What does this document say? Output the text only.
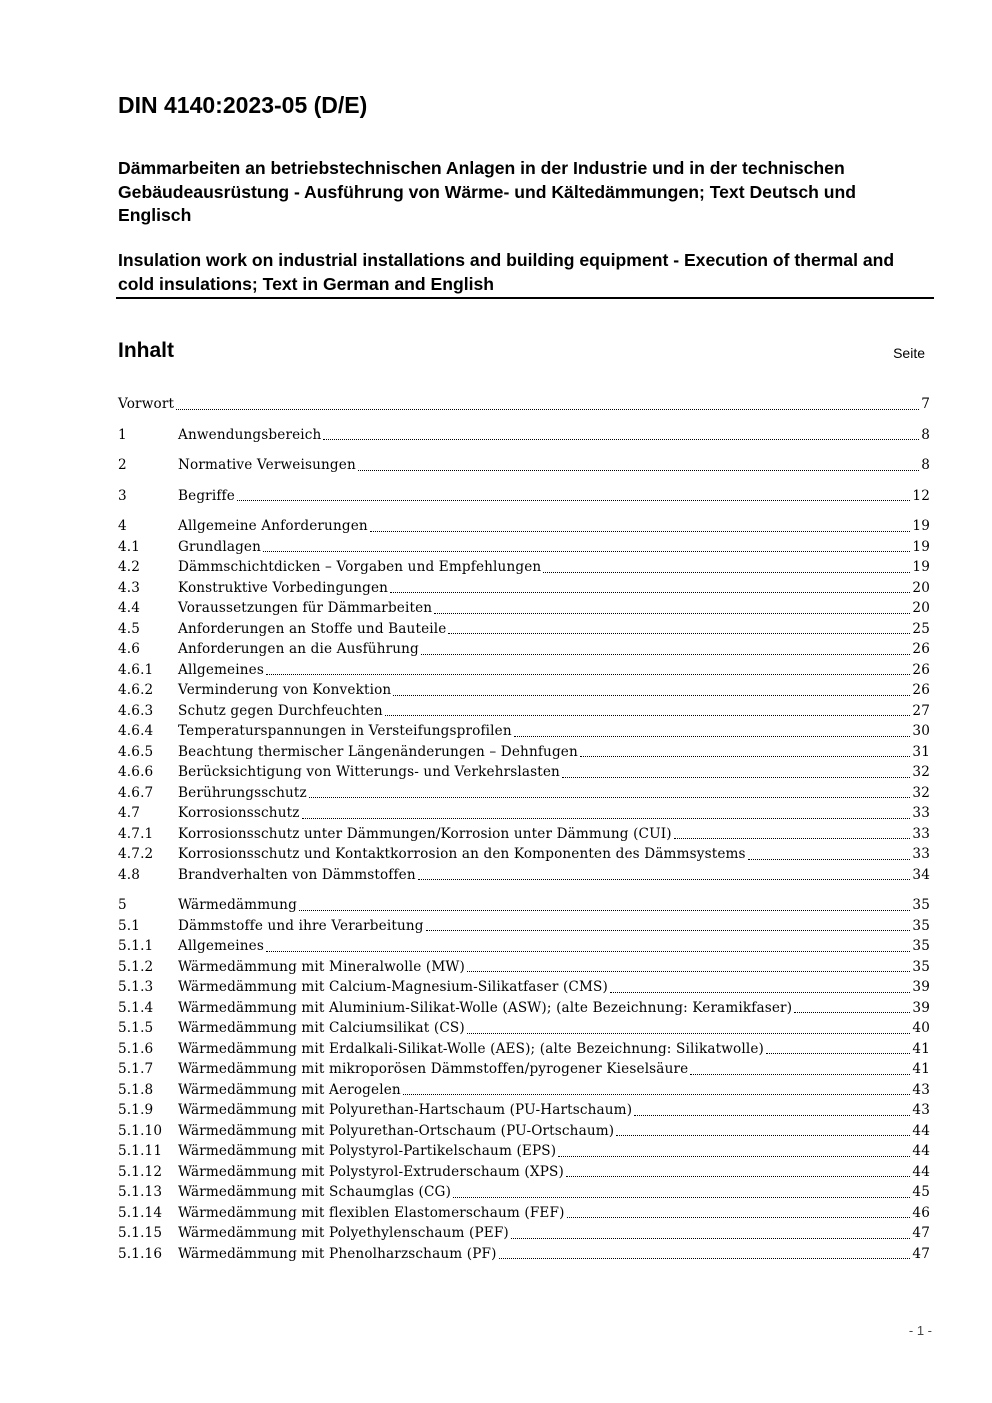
DIN 4140:2023-05 (D/E)

Dämmarbeiten an betriebstechnischen Anlagen in der Industrie und in der technischen Gebäudeausrüstung - Ausführung von Wärme- und Kältedämmungen; Text Deutsch und Englisch

Insulation work on industrial installations and building equipment - Execution of thermal and cold insulations; Text in German and English

Inhalt	Seite
Vorwort	7
1	Anwendungsbereich	8
2	Normative Verweisungen	8
3	Begriffe	12
4	Allgemeine Anforderungen	19
4.1	Grundlagen	19
4.2	Dämmschichtdicken – Vorgaben und Empfehlungen	19
4.3	Konstruktive Vorbedingungen	20
4.4	Voraussetzungen für Dämmarbeiten	20
4.5	Anforderungen an Stoffe und Bauteile	25
4.6	Anforderungen an die Ausführung	26
4.6.1	Allgemeines	26
4.6.2	Verminderung von Konvektion	26
4.6.3	Schutz gegen Durchfeuchten	27
4.6.4	Temperaturspannungen in Versteifungsprofilen	30
4.6.5	Beachtung thermischer Längenänderungen – Dehnfugen	31
4.6.6	Berücksichtigung von Witterungs- und Verkehrslasten	32
4.6.7	Berührungsschutz	32
4.7	Korrosionsschutz	33
4.7.1	Korrosionsschutz unter Dämmungen/Korrosion unter Dämmung (CUI)	33
4.7.2	Korrosionsschutz und Kontaktkorrosion an den Komponenten des Dämmsystems	33
4.8	Brandverhalten von Dämmstoffen	34
5	Wärmedämmung	35
5.1	Dämmstoffe und ihre Verarbeitung	35
5.1.1	Allgemeines	35
5.1.2	Wärmedämmung mit Mineralwolle (MW)	35
5.1.3	Wärmedämmung mit Calcium-Magnesium-Silikatfaser (CMS)	39
5.1.4	Wärmedämmung mit Aluminium-Silikat-Wolle (ASW); (alte Bezeichnung: Keramikfaser)	39
5.1.5	Wärmedämmung mit Calciumsilikat (CS)	40
5.1.6	Wärmedämmung mit Erdalkali-Silikat-Wolle (AES); (alte Bezeichnung: Silikatwolle)	41
5.1.7	Wärmedämmung mit mikroporösen Dämmstoffen/pyrogener Kieselsäure	41
5.1.8	Wärmedämmung mit Aerogelen	43
5.1.9	Wärmedämmung mit Polyurethan-Hartschaum (PU-Hartschaum)	43
5.1.10	Wärmedämmung mit Polyurethan-Ortschaum (PU-Ortschaum)	44
5.1.11	Wärmedämmung mit Polystyrol-Partikelschaum (EPS)	44
5.1.12	Wärmedämmung mit Polystyrol-Extruderschaum (XPS)	44
5.1.13	Wärmedämmung mit Schaumglas (CG)	45
5.1.14	Wärmedämmung mit flexiblen Elastomerschaum (FEF)	46
5.1.15	Wärmedämmung mit Polyethylenschaum (PEF)	47
5.1.16	Wärmedämmung mit Phenolharzschaum (PF)	47
- 1 -
